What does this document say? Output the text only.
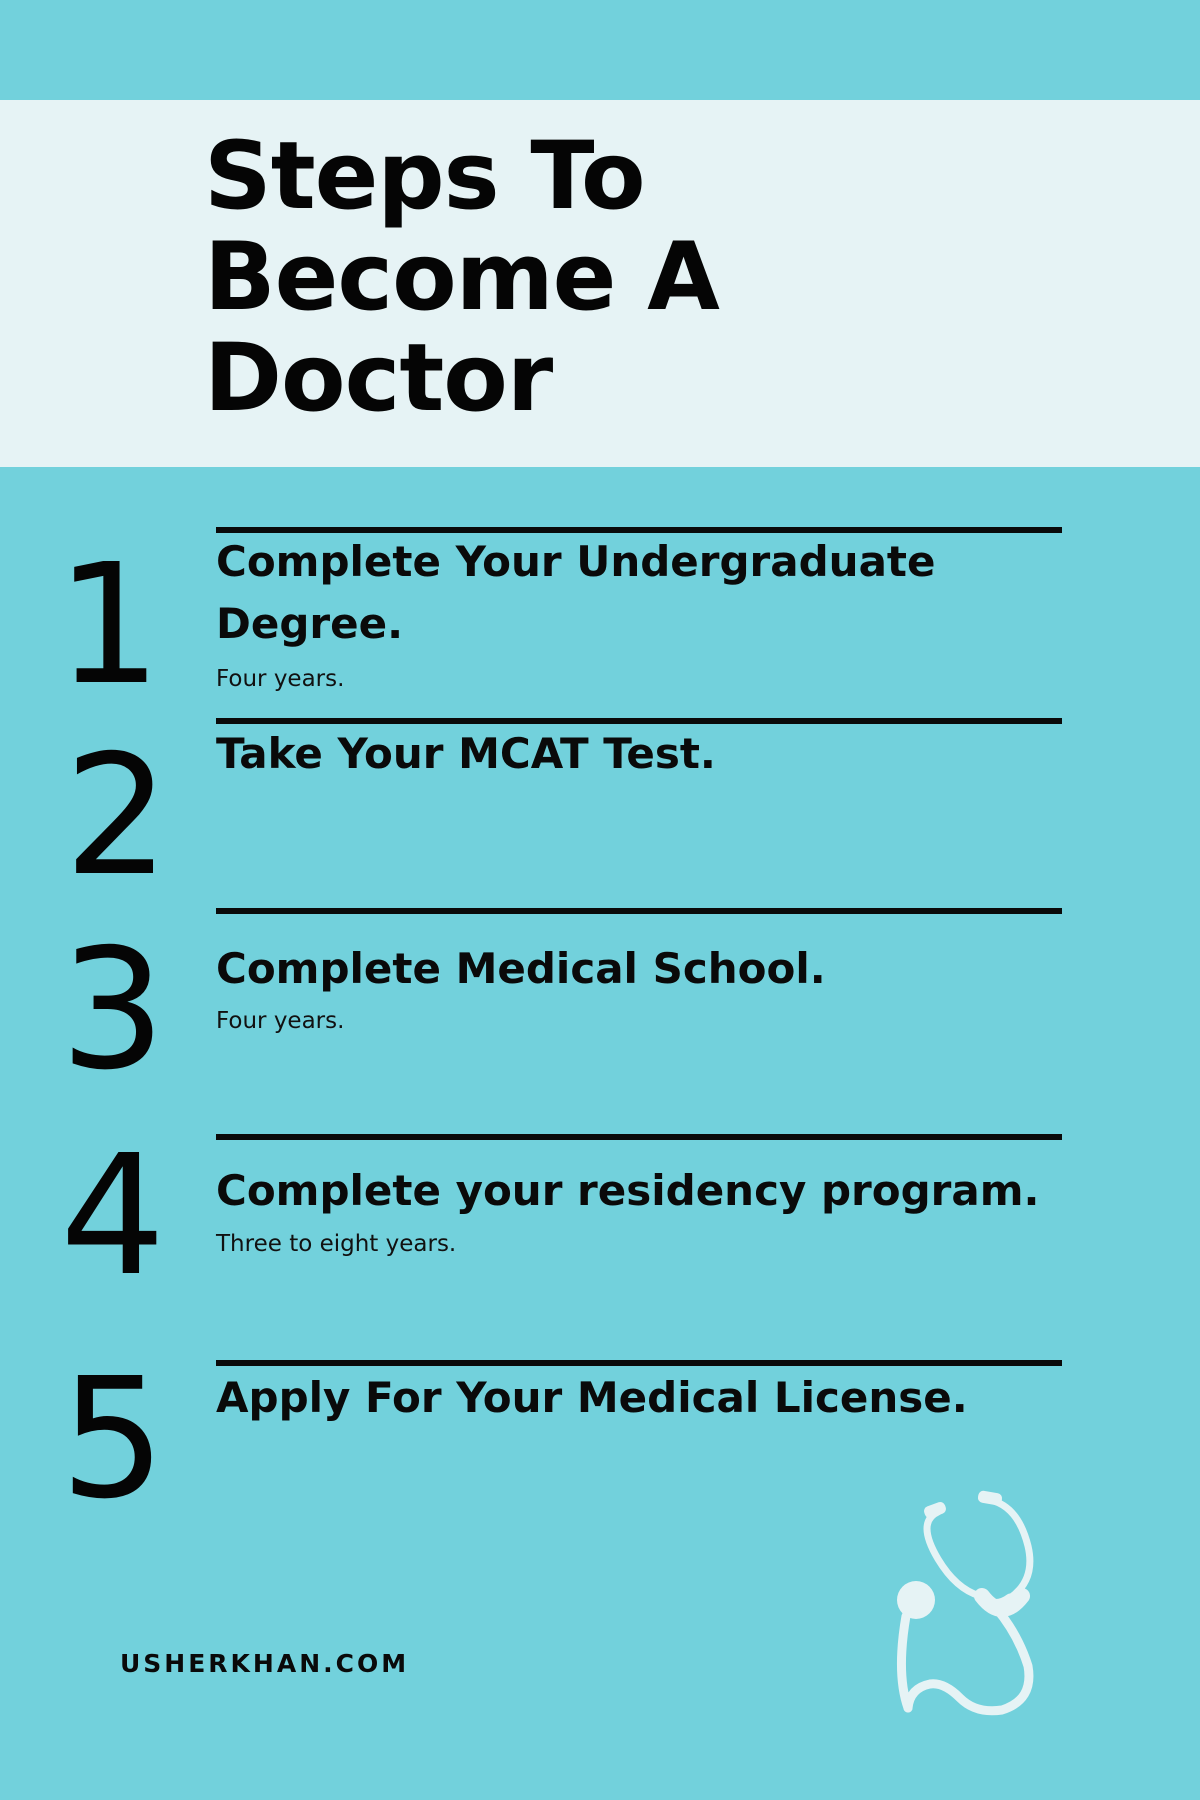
Steps To
Become A
Doctor
1 Complete Your Undergraduate
Degree.
Four years.
2 Take Your MCAT Test.
3 Complete Medical School.
Four years.
4 Complete your residency program.
Three to eight years.
5 Apply For Your Medical License.
USHERKHAN.COM
